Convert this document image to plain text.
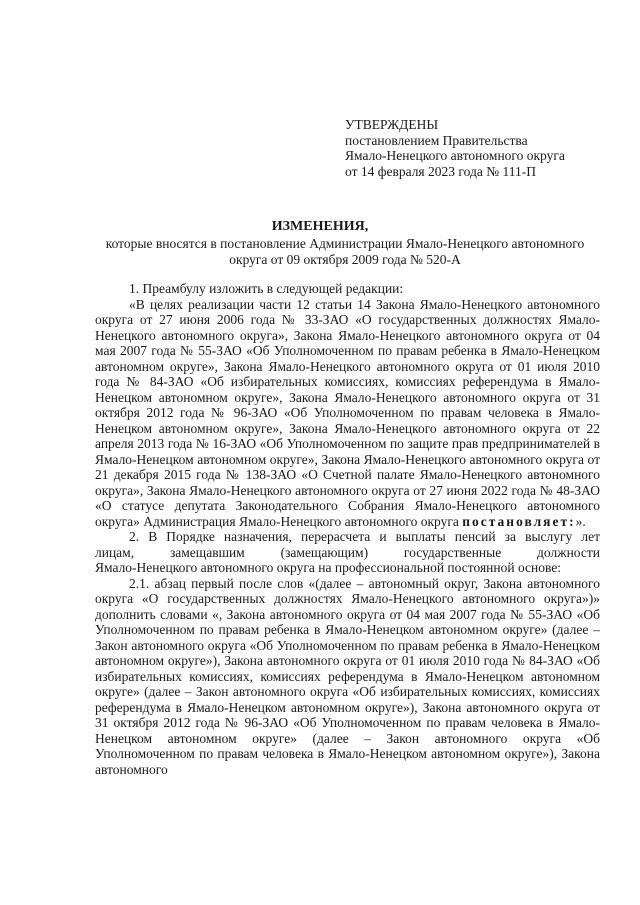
УТВЕРЖДЕНЫ

постановлением Правительства

Ямало-Ненецкого автономного округа

от 14 февраля 2023 года № 111-П

ИЗМЕНЕНИЯ,

которые вносятся в постановление Администрации Ямало-Ненецкого автономного

округа от 09 октября 2009 года № 520-А

1. Преамбулу изложить в следующей редакции:

«В целях реализации части 12 статьи 14 Закона Ямало-Ненецкого автономного округа от 27 июня 2006 года № 33-ЗАО «О государственных должностях Ямало-Ненецкого автономного округа», Закона Ямало-Ненецкого автономного округа от 04 мая 2007 года № 55-ЗАО «Об Уполномоченном по правам ребенка в Ямало-Ненецком автономном округе», Закона Ямало-Ненецкого автономного округа от 01 июля 2010 года № 84-ЗАО «Об избирательных комиссиях, комиссиях референдума в Ямало-Ненецком автономном округе», Закона Ямало-Ненецкого автономного округа от 31 октября 2012 года № 96-ЗАО «Об Уполномоченном по правам человека в Ямало-Ненецком автономном округе», Закона Ямало-Ненецкого автономного округа от 22 апреля 2013 года № 16-ЗАО «Об Уполномоченном по защите прав предпринимателей в Ямало-Ненецком автономном округе», Закона Ямало-Ненецкого автономного округа от 21 декабря 2015 года № 138-ЗАО «О Счетной палате Ямало-Ненецкого автономного округа», Закона Ямало-Ненецкого автономного округа от 27 июня 2022 года № 48-ЗАО «О статусе депутата Законодательного Собрания Ямало-Ненецкого автономного округа» Администрация Ямало-Ненецкого автономного округа постановляет:».

2. В Порядке назначения, перерасчета и выплаты пенсий за выслугу лет

лицам, замещавшим (замещающим) государственные должности

Ямало-Ненецкого автономного округа на профессиональной постоянной основе:

2.1. абзац первый после слов «(далее – автономный округ, Закона автономного округа «О государственных должностях Ямало-Ненецкого автономного округа»)» дополнить словами «, Закона автономного округа от 04 мая 2007 года № 55-ЗАО «Об Уполномоченном по правам ребенка в Ямало-Ненецком автономном округе» (далее – Закон автономного округа «Об Уполномоченном по правам ребенка в Ямало-Ненецком автономном округе»), Закона автономного округа от 01 июля 2010 года № 84-ЗАО «Об избирательных комиссиях, комиссиях референдума в Ямало-Ненецком автономном округе» (далее – Закон автономного округа «Об избирательных комиссиях, комиссиях референдума в Ямало-Ненецком автономном округе»), Закона автономного округа от 31 октября 2012 года № 96-ЗАО «Об Уполномоченном по правам человека в Ямало-Ненецком автономном округе» (далее – Закон автономного округа «Об Уполномоченном по правам человека в Ямало-Ненецком автономном округе»), Закона автономного
